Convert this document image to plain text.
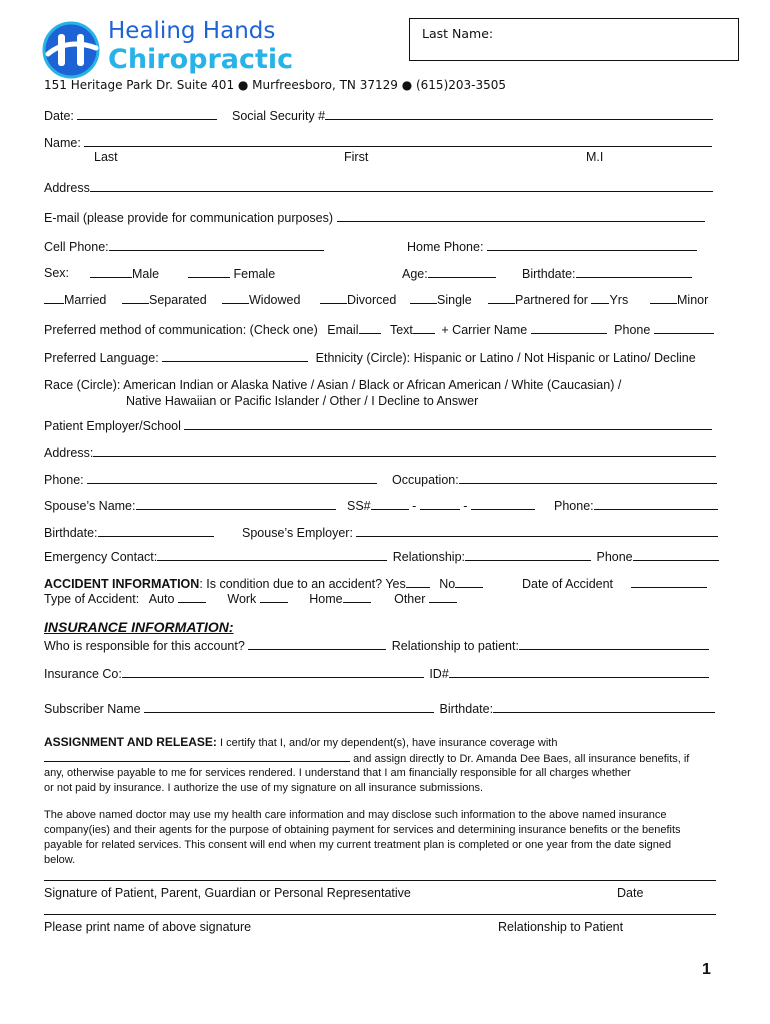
Healing Hands
Chiropractic
Last Name:
151 Heritage Park Dr. Suite 401 ● Murfreesboro, TN 37129 ● (615)203-3505
Date:	Social Security #
Name:
Last	First	M.I
Address
E-mail (please provide for communication purposes)
Cell Phone:	Home Phone:
Sex:	Male	Female	Age:	Birthdate:
Married	Separated	Widowed	Divorced	Single	Partnered for Yrs	Minor
Preferred method of communication: (Check one) Email	Text + Carrier Name	Phone
Preferred Language:	Ethnicity (Circle): Hispanic or Latino / Not Hispanic or Latino/ Decline
Race (Circle): American Indian or Alaska Native / Asian / Black or African American / White (Caucasian) /
Native Hawaiian or Pacific Islander / Other / I Decline to Answer
Patient Employer/School
Address:
Phone:	Occupation:
Spouse’s Name:	SS#	-	-	Phone:
Birthdate:	Spouse’s Employer:
Emergency Contact:	Relationship:	Phone
ACCIDENT INFORMATION: Is condition due to an accident? Yes	No	Date of Accident
Type of Accident: Auto	Work	Home	Other
INSURANCE INFORMATION:
Who is responsible for this account?	Relationship to patient:
Insurance Co:	ID#
Subscriber Name	Birthdate:
ASSIGNMENT AND RELEASE: I certify that I, and/or my dependent(s), have insurance coverage with
and assign directly to Dr. Amanda Dee Baes, all insurance benefits, if
any, otherwise payable to me for services rendered. I understand that I am financially responsible for all charges whether
or not paid by insurance. I authorize the use of my signature on all insurance submissions.
The above named doctor may use my health care information and may disclose such information to the above named insurance
company(ies) and their agents for the purpose of obtaining payment for services and determining insurance benefits or the benefits
payable for related services. This consent will end when my current treatment plan is completed or one year from the date signed
below.
Signature of Patient, Parent, Guardian or Personal Representative	Date
Please print name of above signature	Relationship to Patient
1
